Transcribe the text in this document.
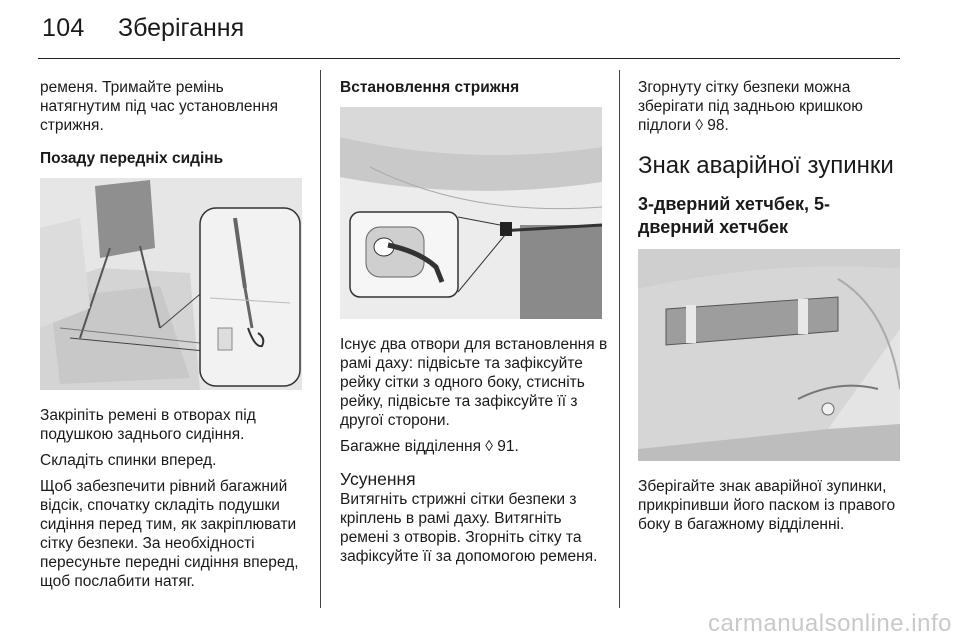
104 Зберігання

ременя. Тримайте ремінь натягнутим під час установлення стрижня.

Позаду передніх сидінь

Закріпіть ремені в отворах під подушкою заднього сидіння.

Складіть спинки вперед.

Щоб забезпечити рівний багажний відсік, спочатку складіть подушки сидіння перед тим, як закріплювати сітку безпеки. За необхідності пересуньте передні сидіння вперед, щоб послабити натяг.

Встановлення стрижня

Існує два отвори для встановлення в рамі даху: підвісьте та зафіксуйте рейку сітки з одного боку, стисніть рейку, підвісьте та зафіксуйте її з другої сторони.

Багажне відділення ◊ 91.

Усунення

Витягніть стрижні сітки безпеки з кріплень в рамі даху. Витягніть ремені з отворів. Згорніть сітку та зафіксуйте її за допомогою ременя.

Згорнуту сітку безпеки можна зберігати під задньою кришкою підлоги ◊ 98.

Знак аварійної зупинки
3-дверний хетчбек, 5-дверний хетчбек

Зберігайте знак аварійної зупинки, прикріпивши його паском із правого боку в багажному відділенні.

carmanualsonline.info
